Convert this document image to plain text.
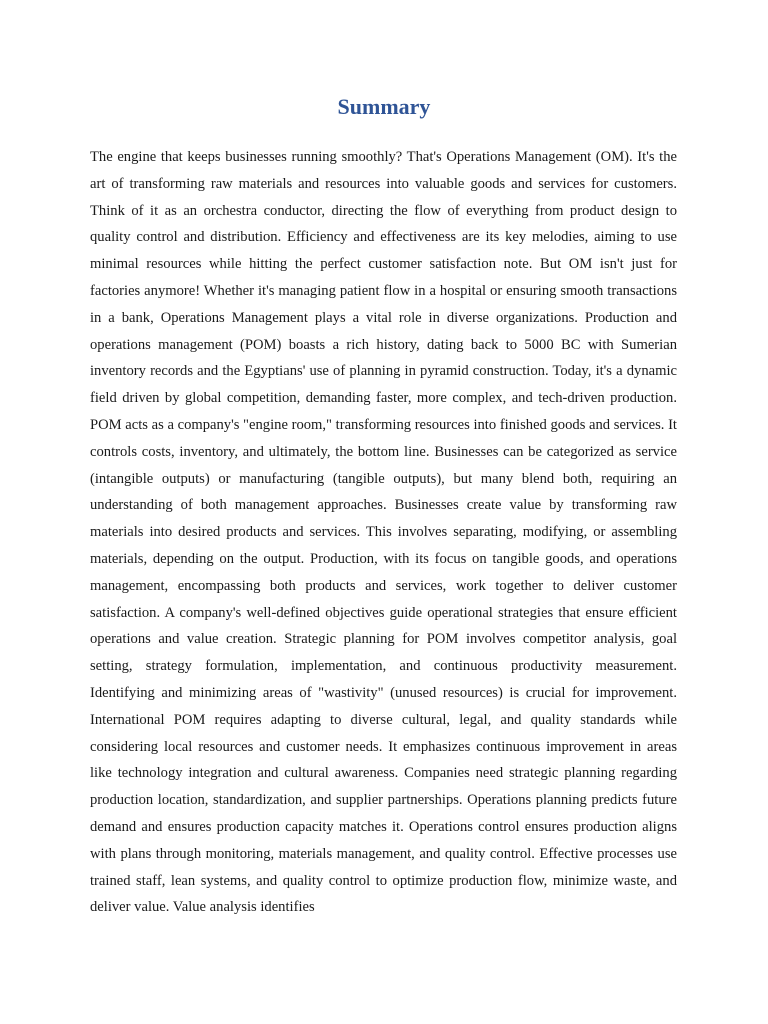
Summary

The engine that keeps businesses running smoothly? That's Operations Management (OM). It's the art of transforming raw materials and resources into valuable goods and services for customers. Think of it as an orchestra conductor, directing the flow of everything from product design to quality control and distribution. Efficiency and effectiveness are its key melodies, aiming to use minimal resources while hitting the perfect customer satisfaction note. But OM isn't just for factories anymore! Whether it's managing patient flow in a hospital or ensuring smooth transactions in a bank, Operations Management plays a vital role in diverse organizations. Production and operations management (POM) boasts a rich history, dating back to 5000 BC with Sumerian inventory records and the Egyptians' use of planning in pyramid construction. Today, it's a dynamic field driven by global competition, demanding faster, more complex, and tech-driven production. POM acts as a company's "engine room," transforming resources into finished goods and services. It controls costs, inventory, and ultimately, the bottom line. Businesses can be categorized as service (intangible outputs) or manufacturing (tangible outputs), but many blend both, requiring an understanding of both management approaches. Businesses create value by transforming raw materials into desired products and services. This involves separating, modifying, or assembling materials, depending on the output. Production, with its focus on tangible goods, and operations management, encompassing both products and services, work together to deliver customer satisfaction. A company's well-defined objectives guide operational strategies that ensure efficient operations and value creation. Strategic planning for POM involves competitor analysis, goal setting, strategy formulation, implementation, and continuous productivity measurement. Identifying and minimizing areas of "wastivity" (unused resources) is crucial for improvement. International POM requires adapting to diverse cultural, legal, and quality standards while considering local resources and customer needs. It emphasizes continuous improvement in areas like technology integration and cultural awareness. Companies need strategic planning regarding production location, standardization, and supplier partnerships. Operations planning predicts future demand and ensures production capacity matches it. Operations control ensures production aligns with plans through monitoring, materials management, and quality control. Effective processes use trained staff, lean systems, and quality control to optimize production flow, minimize waste, and deliver value. Value analysis identifies
